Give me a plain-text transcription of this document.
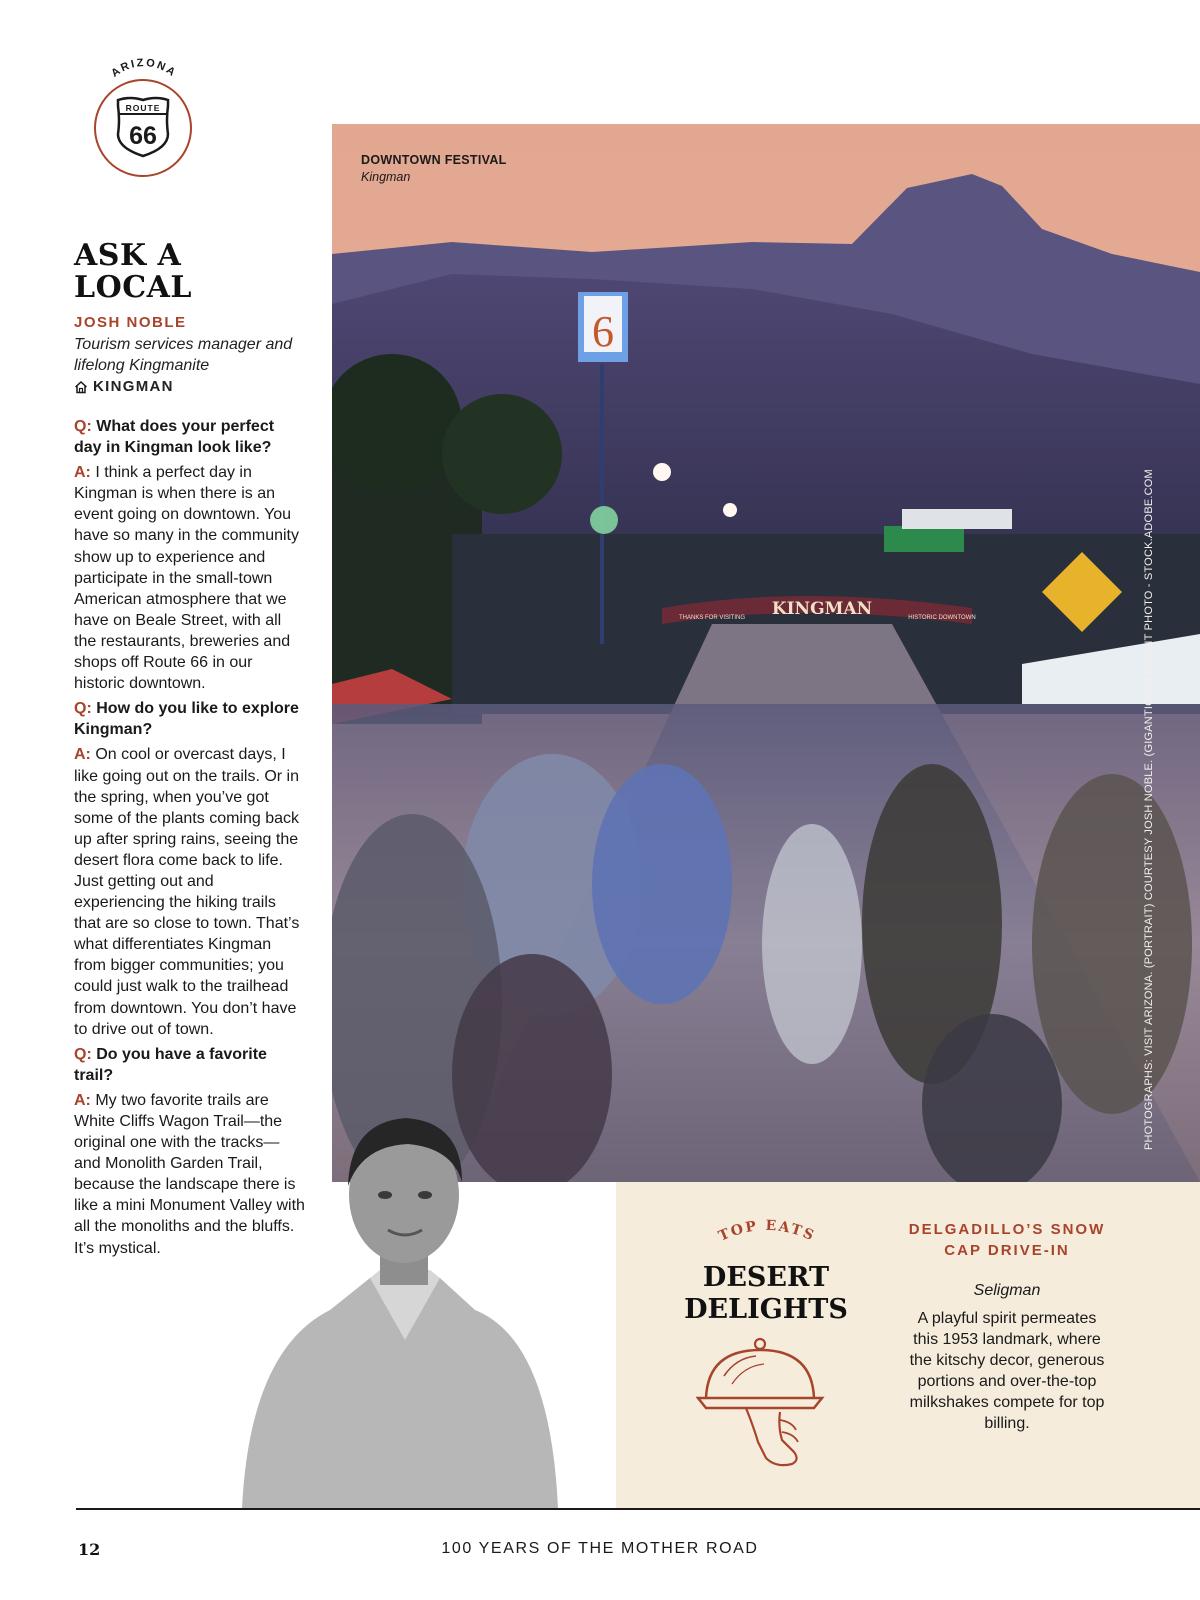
ARIZONA
ROUTE
66
ASK A
LOCAL
JOSH NOBLE
Tourism services manager and lifelong Kingmanite
KINGMAN

Q: What does your perfect day in Kingman look like?

A: I think a perfect day in Kingman is when there is an event going on downtown. You have so many in the community show up to experience and participate in the small-town American atmosphere that we have on Beale Street, with all the restaurants, breweries and shops off Route 66 in our historic downtown.

Q: How do you like to explore Kingman?

A: On cool or overcast days, I like going out on the trails. Or in the spring, when you’ve got some of the plants coming back up after spring rains, seeing the desert flora come back to life. Just getting out and experiencing the hiking trails that are so close to town. That’s what differentiates Kingman from bigger communities; you could just walk to the trailhead from downtown. You don’t have to drive out of town.

Q: Do you have a favorite trail?

A: My two favorite trails are White Cliffs Wagon Trail—the original one with the tracks—and Monolith Garden Trail, because the landscape there is like a mini Monument Valley with all the monoliths and the bluffs. It’s mystical.

6
KINGMAN
THANKS FOR VISITING	HISTORIC DOWNTOWN
DOWNTOWN FESTIVAL
Kingman
PHOTOGRAPHS: VISIT ARIZONA. (PORTRAIT) COURTESY JOSH NOBLE. (GIGANTICUS) SNEHIT PHOTO - STOCK.ADOBE.COM
TOP EATS
DESERT
DELIGHTS
DELGADILLO’S SNOW CAP DRIVE-IN
Seligman
A playful spirit permeates this 1953 landmark, where the kitschy decor, generous portions and over-the-top milkshakes compete for top billing.
12	100 YEARS OF THE MOTHER ROAD
